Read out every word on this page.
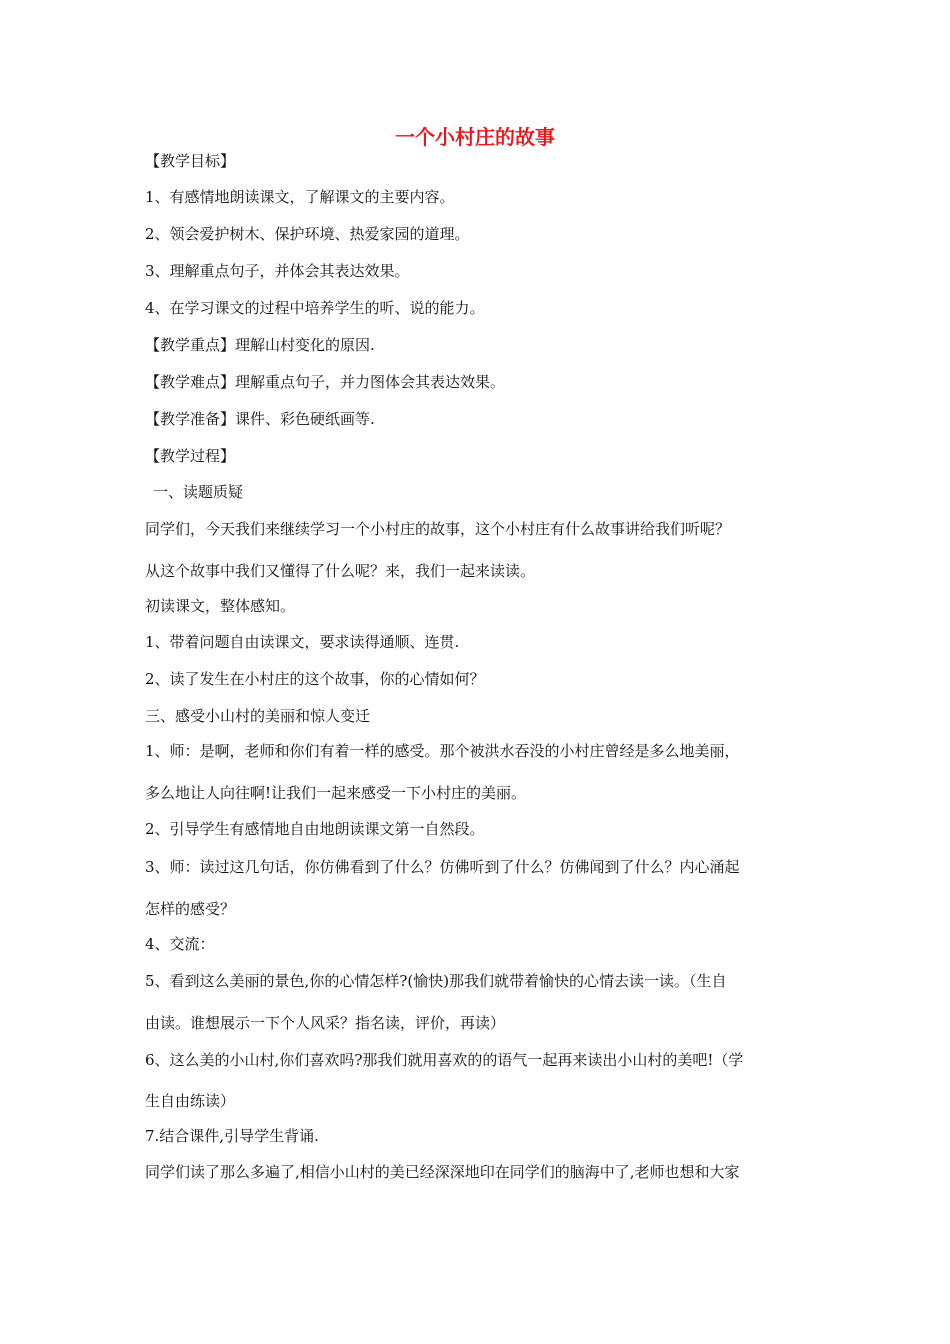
一个小村庄的故事

【教学目标】

1、有感情地朗读课文，了解课文的主要内容。

2、领会爱护树木、保护环境、热爱家园的道理。

3、理解重点句子，并体会其表达效果。

4、在学习课文的过程中培养学生的听、说的能力。

【教学重点】理解山村变化的原因.

【教学难点】理解重点句子，并力图体会其表达效果。

【教学准备】课件、彩色硬纸画等.

【教学过程】

一、读题质疑

同学们，今天我们来继续学习一个小村庄的故事，这个小村庄有什么故事讲给我们听呢？

从这个故事中我们又懂得了什么呢？来，我们一起来读读。

初读课文，整体感知。

1、带着问题自由读课文，要求读得通顺、连贯.

2、读了发生在小村庄的这个故事，你的心情如何？

三、感受小山村的美丽和惊人变迁

1、师：是啊，老师和你们有着一样的感受。那个被洪水吞没的小村庄曾经是多么地美丽，

多么地让人向往啊!让我们一起来感受一下小村庄的美丽。

2、引导学生有感情地自由地朗读课文第一自然段。

3、师：读过这几句话，你仿佛看到了什么？仿佛听到了什么？仿佛闻到了什么？内心涌起

怎样的感受？

4、交流：

5、看到这么美丽的景色,你的心情怎样?(愉快)那我们就带着愉快的心情去读一读。（生自

由读。谁想展示一下个人风采？指名读，评价，再读）

6、这么美的小山村,你们喜欢吗?那我们就用喜欢的的语气一起再来读出小山村的美吧!（学

生自由练读）

7.结合课件,引导学生背诵.

同学们读了那么多遍了,相信小山村的美已经深深地印在同学们的脑海中了,老师也想和大家
